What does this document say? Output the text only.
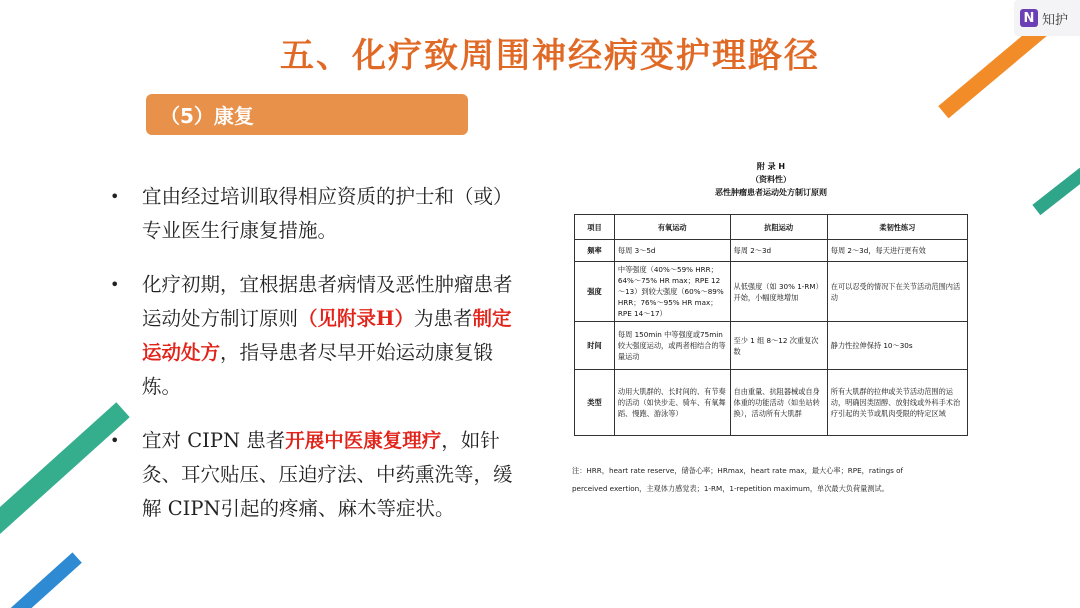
N 知护
五、化疗致周围神经病变护理路径
（5）康复
• 宜由经过培训取得相应资质的护士和（或）专业医生行康复措施。
• 化疗初期，宜根据患者病情及恶性肿瘤患者运动处方制订原则（见附录H）为患者制定运动处方，指导患者尽早开始运动康复锻炼。
• 宜对 CIPN 患者开展中医康复理疗，如针灸、耳穴贴压、压迫疗法、中药熏洗等，缓解 CIPN引起的疼痛、麻木等症状。
附 录 H
（资料性）
恶性肿瘤患者运动处方制订原则
项目	有氧运动	抗阻运动	柔韧性练习
频率	每周 3～5d	每周 2～3d	每周 2～3d，每天进行更有效
强度	中等强度（40%～59% HRR；64%～75% HR max；RPE 12～13）到较大强度（60%～89% HRR；76%～95% HR max；RPE 14～17）	从低强度（如 30% 1-RM）开始，小幅度地增加	在可以忍受的情况下在关节活动范围内活动
时间	每周 150min 中等强度或75min 较大强度运动，或两者相结合的等量运动	至少 1 组 8～12 次重复次数	静力性拉伸保持 10～30s
类型	动用大肌群的、长时间的、有节奏的活动（如快步走、骑车、有氧舞蹈、慢跑、游泳等）	自由重量、抗阻器械或自身体重的功能活动（如坐站转换），活动所有大肌群	所有大肌群的拉伸或关节活动范围的运动，明确因类固醇、放射线或外科手术治疗引起的关节或肌肉受限的特定区域
注：HRR，heart rate reserve，储备心率；HRmax，heart rate max，最大心率；RPE，ratings of
perceived exertion，主观体力感觉表；1-RM，1-repetition maximum，单次最大负荷量测试。
